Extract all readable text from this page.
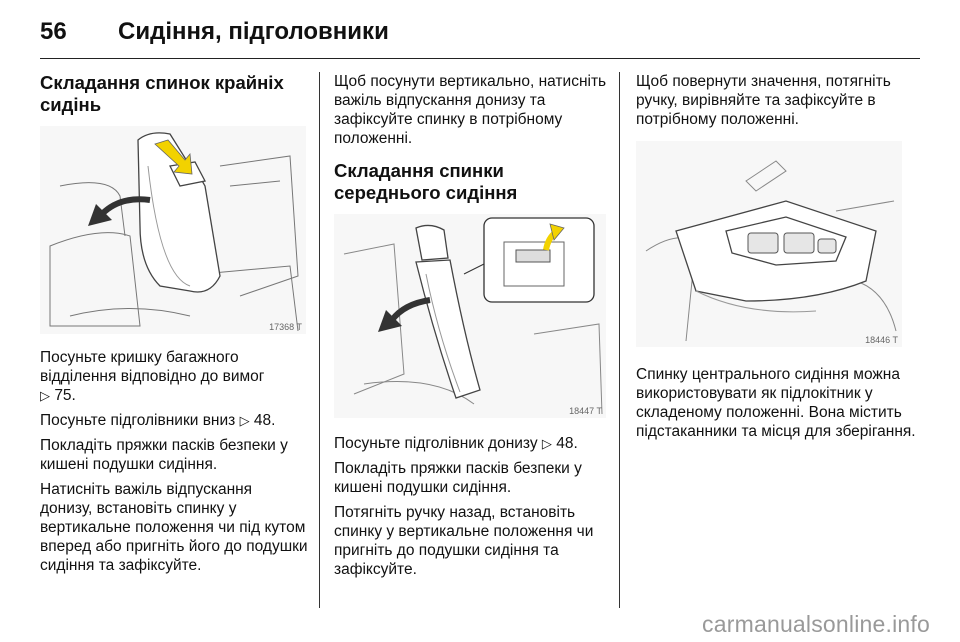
56 Сидіння, підголовники
Складання спинок крайніх сидінь
17368 T

Посуньте кришку багажного відділення відповідно до вимог
▷ 75.

Посуньте підголівники вниз ▷ 48.

Покладіть пряжки пасків безпеки у кишені подушки сидіння.

Натисніть важіль відпускання донизу, встановіть спинку у вертикальне положення чи під кутом вперед або пригніть його до подушки сидіння та зафіксуйте.

Щоб посунути вертикально, натисніть важіль відпускання донизу та зафіксуйте спинку в потрібному положенні.

Складання спинки середнього сидіння
18447 T

Посуньте підголівник донизу ▷ 48.

Покладіть пряжки пасків безпеки у кишені подушки сидіння.

Потягніть ручку назад, встановіть спинку у вертикальне положення чи пригніть до подушки сидіння та зафіксуйте.

Щоб повернути значення, потягніть ручку, вирівняйте та зафіксуйте в потрібному положенні.

18446 T

Спинку центрального сидіння можна використовувати як підлокітник у складеному положенні. Вона містить підстаканники та місця для зберігання.

carmanualsonline.info
